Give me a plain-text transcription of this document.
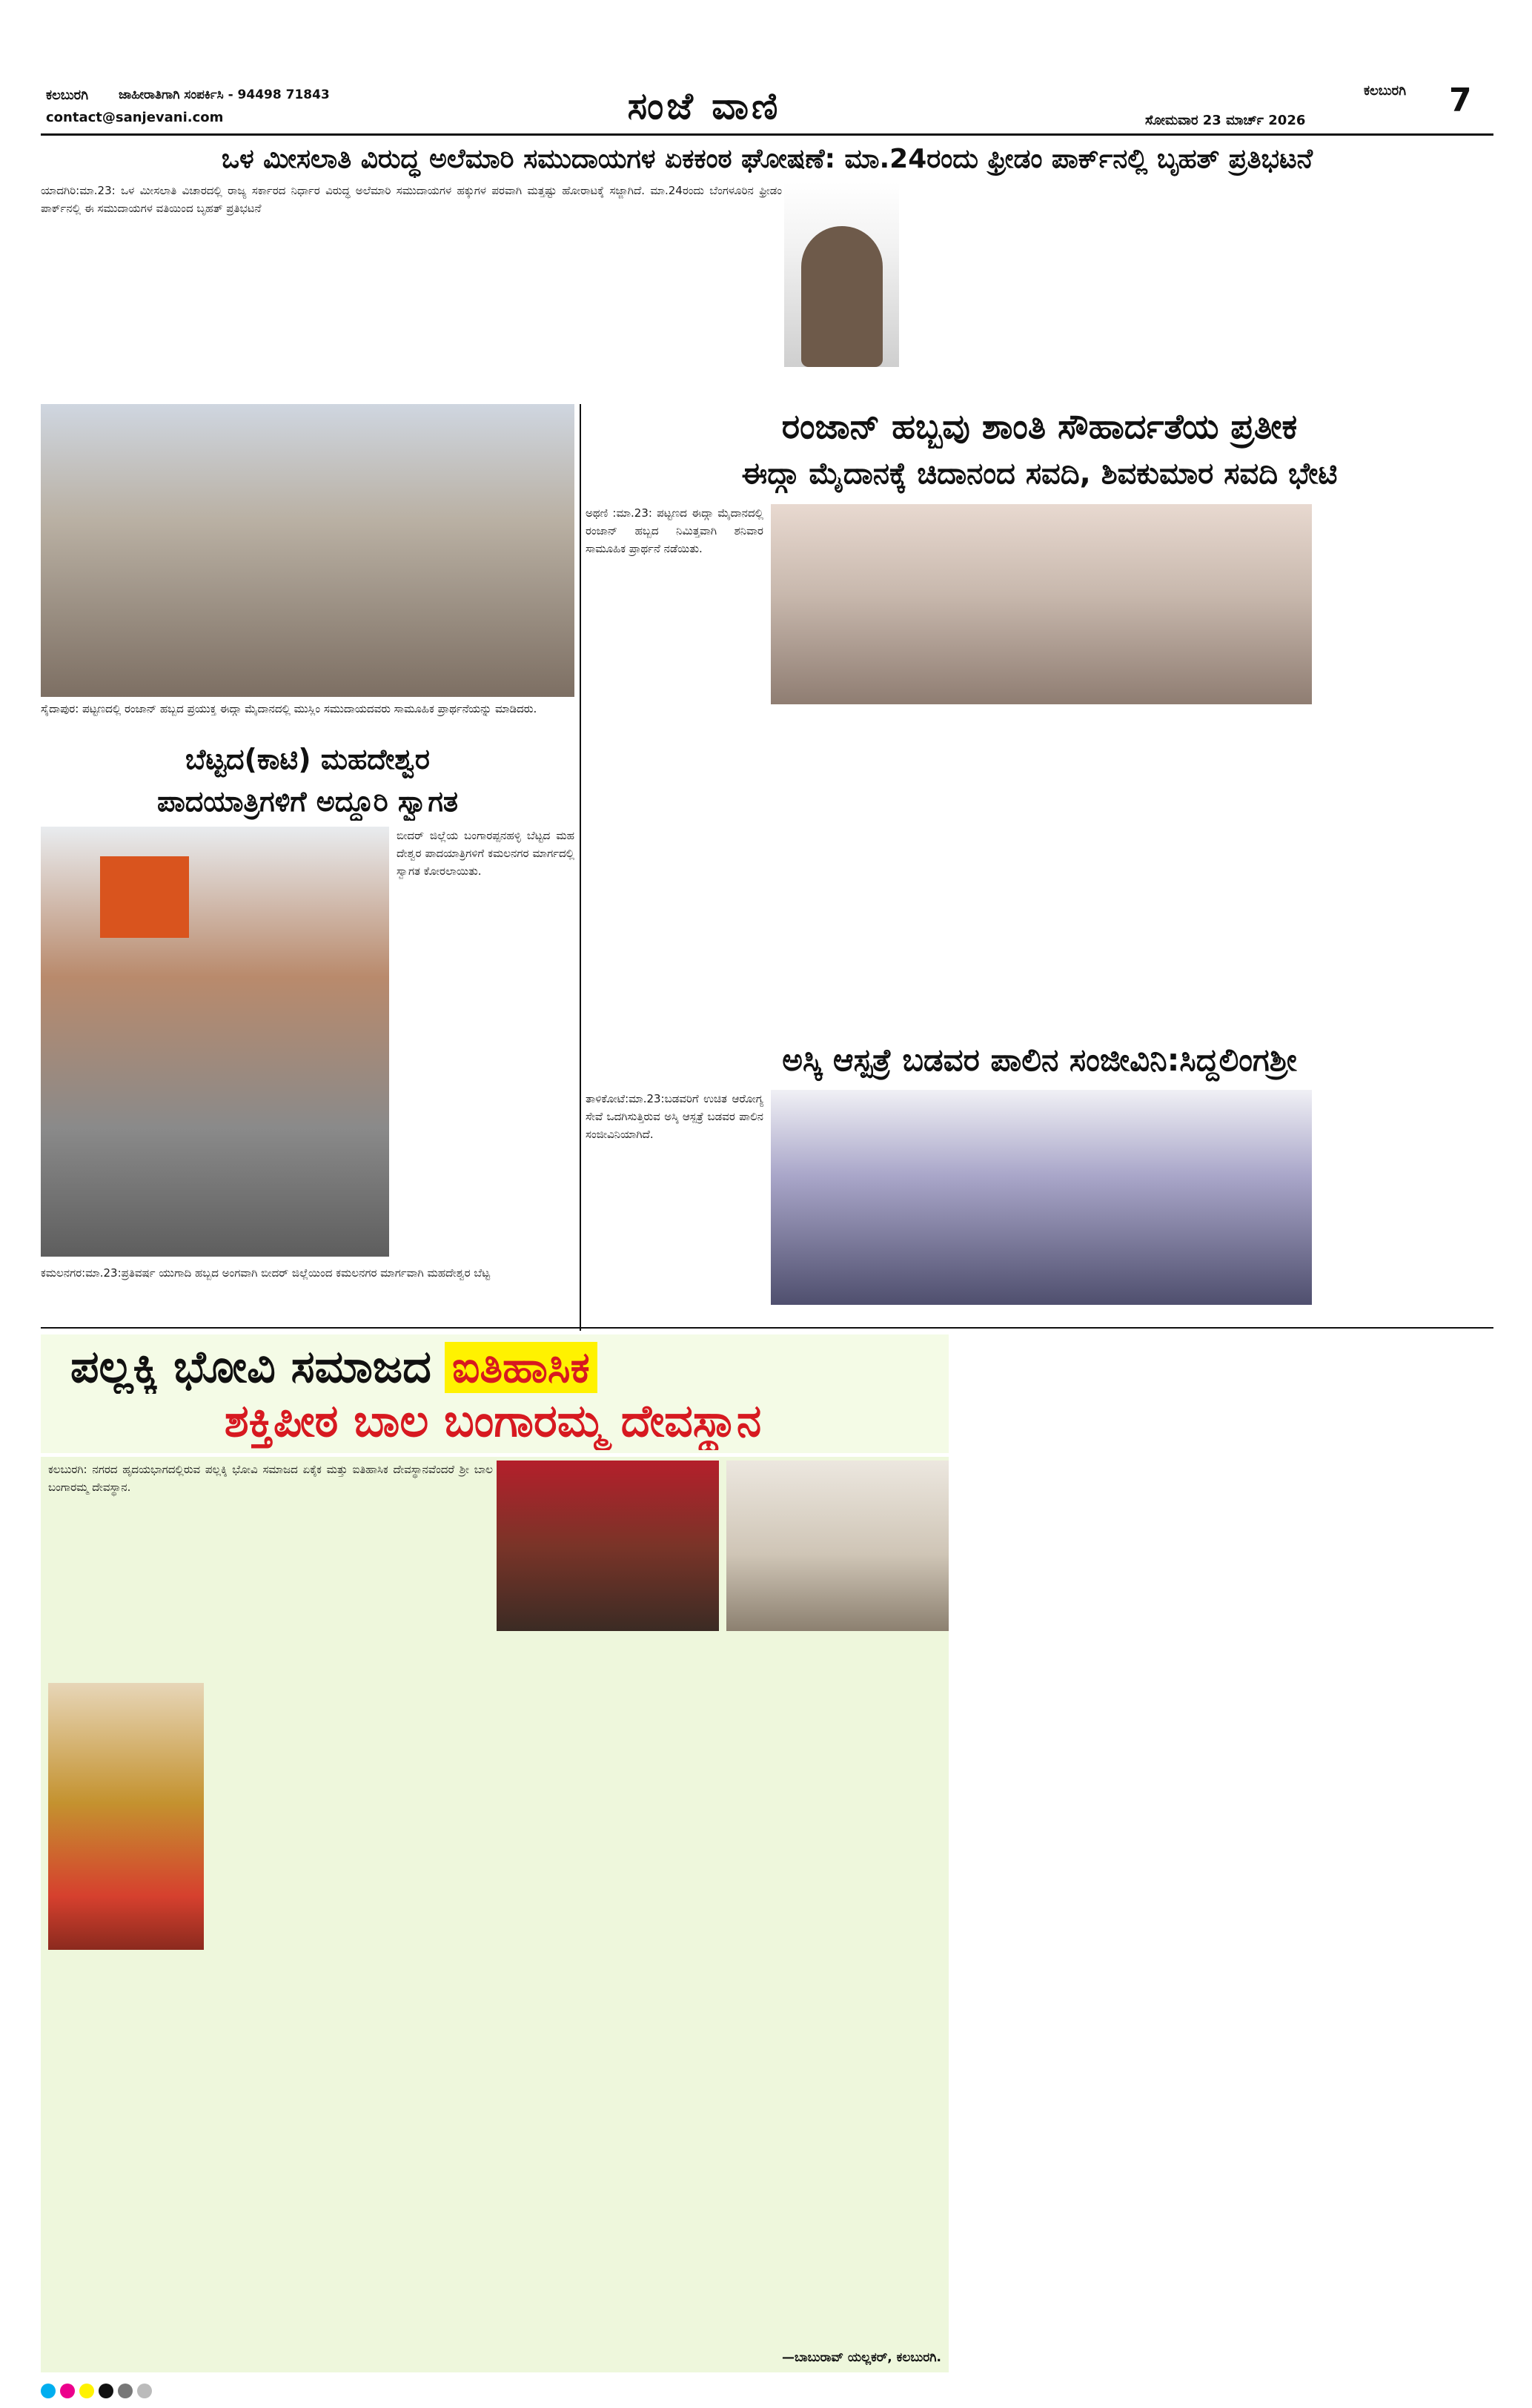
ಕಲಬುರಗಿ ಜಾಹೀರಾತಿಗಾಗಿ ಸಂಪರ್ಕಿಸಿ - 94498 71843
contact@sanjevani.com	ಸಂಜೆ ವಾಣಿ	ಸೋಮವಾರ 23 ಮಾರ್ಚ್ 2026
ಕಲಬುರಗಿ 7
ಒಳ ಮೀಸಲಾತಿ ವಿರುದ್ಧ ಅಲೆಮಾರಿ ಸಮುದಾಯಗಳ ಏಕಕಂಠ ಘೋಷಣೆ: ಮಾ.24ರಂದು ಫ್ರೀಡಂ ಪಾರ್ಕ್‌ನಲ್ಲಿ ಬೃಹತ್ ಪ್ರತಿಭಟನೆ
ಯಾದಗಿರಿ:ಮಾ.23: ಒಳ ಮೀಸಲಾತಿ ವಿಚಾರದಲ್ಲಿ ರಾಜ್ಯ ಸರ್ಕಾರದ ನಿರ್ಧಾರ ವಿರುದ್ಧ ಅಲೆಮಾರಿ ಸಮುದಾಯಗಳ ಹಕ್ಕುಗಳ ಪರವಾಗಿ ಮತ್ತಷ್ಟು ಹೋರಾಟಕ್ಕೆ ಸಜ್ಜಾಗಿದೆ. ಮಾ.24ರಂದು ಬೆಂಗಳೂರಿನ ಫ್ರೀಡಂ ಪಾರ್ಕ್‌ನಲ್ಲಿ ಈ ಸಮುದಾಯಗಳ ವತಿಯಿಂದ ಬೃಹತ್ ಪ್ರತಿಭಟನೆ
ಸೈದಾಪುರ: ಪಟ್ಟಣದಲ್ಲಿ ರಂಜಾನ್ ಹಬ್ಬದ ಪ್ರಯುಕ್ತ ಈದ್ಗಾ ಮೈದಾನದಲ್ಲಿ ಮುಸ್ಲಿಂ ಸಮುದಾಯದವರು ಸಾಮೂಹಿಕ ಪ್ರಾರ್ಥನೆಯನ್ನು ಮಾಡಿದರು.
ರಂಜಾನ್ ಹಬ್ಬವು ಶಾಂತಿ ಸೌಹಾರ್ದತೆಯ ಪ್ರತೀಕ
ಈದ್ಗಾ ಮೈದಾನಕ್ಕೆ ಚಿದಾನಂದ ಸವದಿ, ಶಿವಕುಮಾರ ಸವದಿ ಭೇಟಿ
ಅಥಣಿ :ಮಾ.23: ಪಟ್ಟಣದ ಈದ್ಗಾ ಮೈದಾನದಲ್ಲಿ ರಂಜಾನ್ ಹಬ್ಬದ ನಿಮಿತ್ತವಾಗಿ ಶನಿವಾರ ಸಾಮೂಹಿಕ ಪ್ರಾರ್ಥನೆ ನಡೆಯಿತು.
ಬೆಟ್ಟದ(ಕಾಟಿ) ಮಹದೇಶ್ವರ
ಪಾದಯಾತ್ರಿಗಳಿಗೆ ಅದ್ಧೂರಿ ಸ್ವಾಗತ
ಬೀದರ್ ಜಿಲ್ಲೆಯ ಬಂಗಾರಪ್ಪನಹಳ್ಳಿ ಬೆಟ್ಟದ ಮಹದೇಶ್ವರ ಪಾದಯಾತ್ರಿಗಳಿಗೆ ಕಮಲನಗರ ಮಾರ್ಗದಲ್ಲಿ ಸ್ವಾಗತ ಕೋರಲಾಯಿತು.
ಕಮಲನಗರ:ಮಾ.23:ಪ್ರತಿವರ್ಷ ಯುಗಾದಿ ಹಬ್ಬದ ಅಂಗವಾಗಿ ಬೀದರ್ ಜಿಲ್ಲೆಯಿಂದ ಕಮಲನಗರ ಮಾರ್ಗವಾಗಿ ಮಹದೇಶ್ವರ ಬೆಟ್ಟ
ಅಸ್ಕಿ ಆಸ್ಪತ್ರೆ ಬಡವರ ಪಾಲಿನ ಸಂಜೀವಿನಿ:ಸಿದ್ದಲಿಂಗಶ್ರೀ
ತಾಳಿಕೋಟೆ:ಮಾ.23:ಬಡವರಿಗೆ ಉಚಿತ ಆರೋಗ್ಯ ಸೇವೆ ಒದಗಿಸುತ್ತಿರುವ ಅಸ್ಕಿ ಆಸ್ಪತ್ರೆ ಬಡವರ ಪಾಲಿನ ಸಂಜೀವಿನಿಯಾಗಿದೆ.
ಪಲ್ಲಕ್ಕಿ ಭೋವಿ ಸಮಾಜದ ಐತಿಹಾಸಿಕ
ಶಕ್ತಿಪೀಠ ಬಾಲ ಬಂಗಾರಮ್ಮ ದೇವಸ್ಥಾನ
ಕಲಬುರಗಿ: ನಗರದ ಹೃದಯಭಾಗದಲ್ಲಿರುವ ಪಲ್ಲಕ್ಕಿ ಭೋವಿ ಸಮಾಜದ ಏಕೈಕ ಮತ್ತು ಐತಿಹಾಸಿಕ ದೇವಸ್ಥಾನವೆಂದರೆ ಶ್ರೀ ಬಾಲ ಬಂಗಾರಮ್ಮ ದೇವಸ್ಥಾನ.
—ಬಾಬುರಾವ್ ಯಲ್ಲಕರ್, ಕಲಬುರಗಿ.
